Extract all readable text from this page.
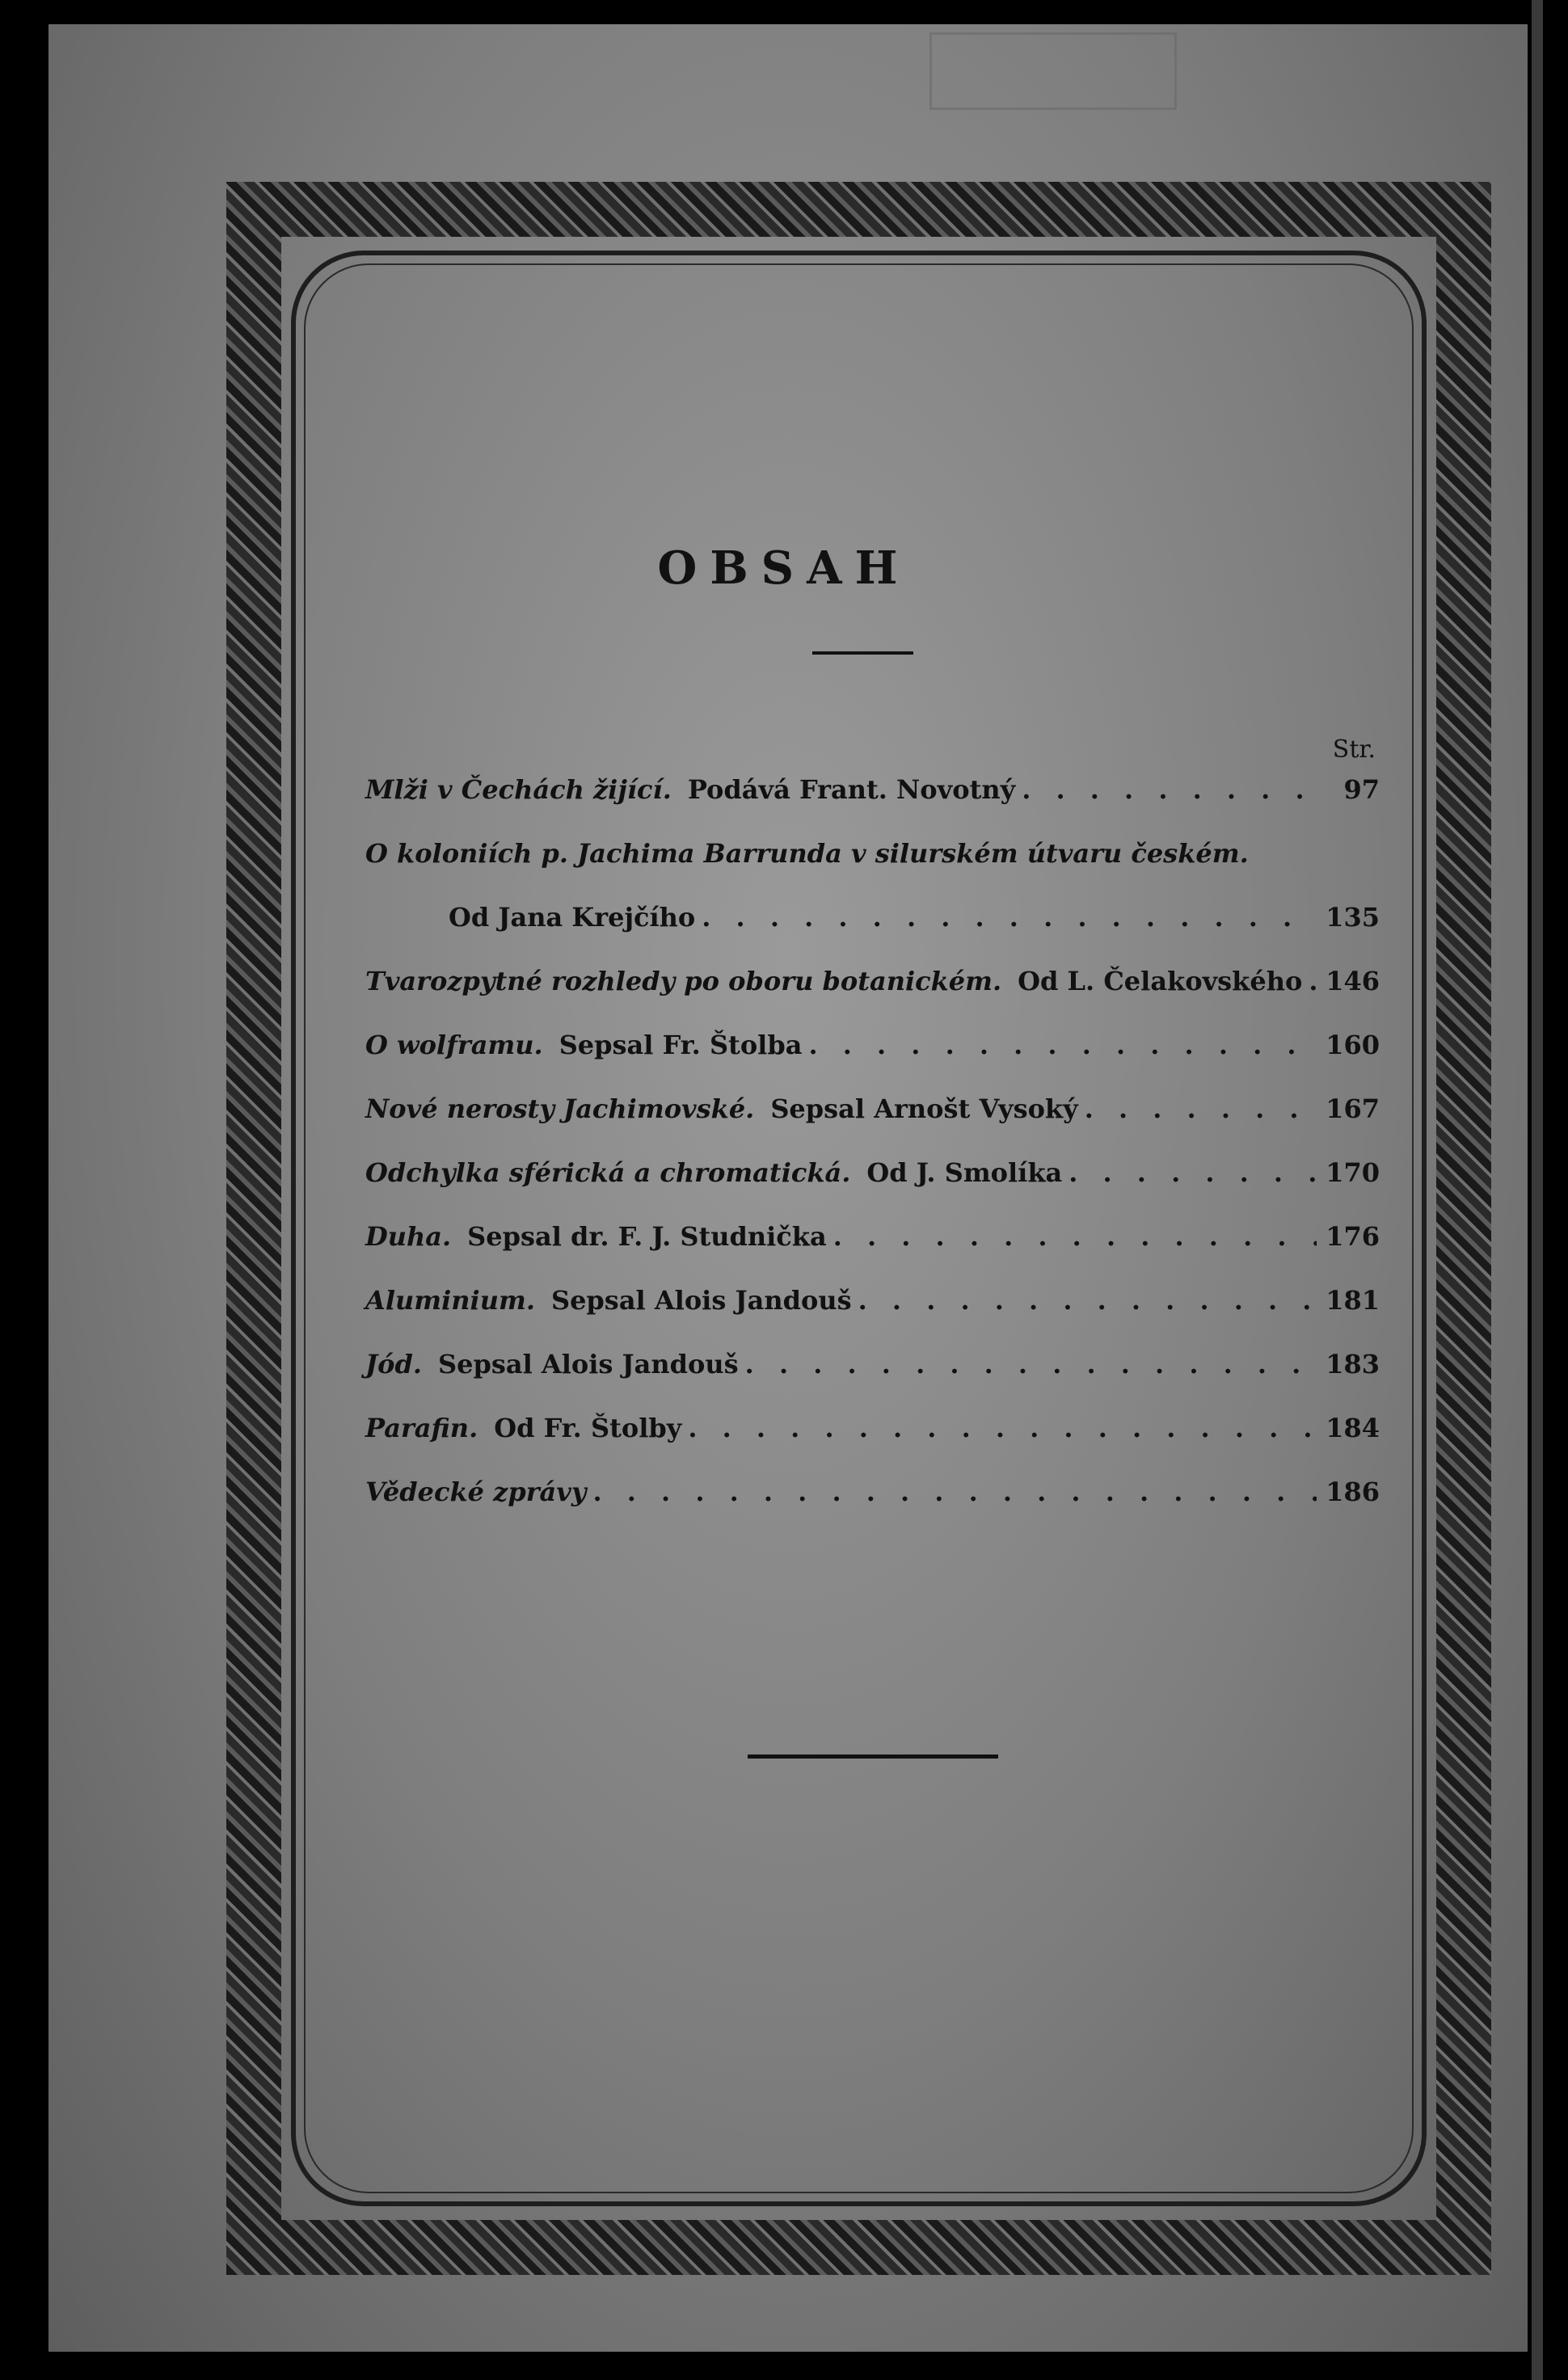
OBSAH
Str.
Mlži v Čechách žijící. Podává Frant. Novotný . . .	97
O koloniích p. Jachima Barrunda v silurském útvaru českém.
Od Jana Krejčího . . .	135
Tvarozpytné rozhledy po oboru botanickém. Od L. Čelakovského . . . 146
O wolframu. Sepsal Fr. Štolba . . .	160
Nové nerosty Jachimovské. Sepsal Arnošt Vysoký . . .	167
Odchylka sférická a chromatická. Od J. Smolíka . . .	170
Duha. Sepsal dr. F. J. Studnička . . .	176
Aluminium. Sepsal Alois Jandouš . . .	181
Jód. Sepsal Alois Jandouš . . .	183
Parafin. Od Fr. Štolby . . .	184
Vědecké zprávy . . .	186
